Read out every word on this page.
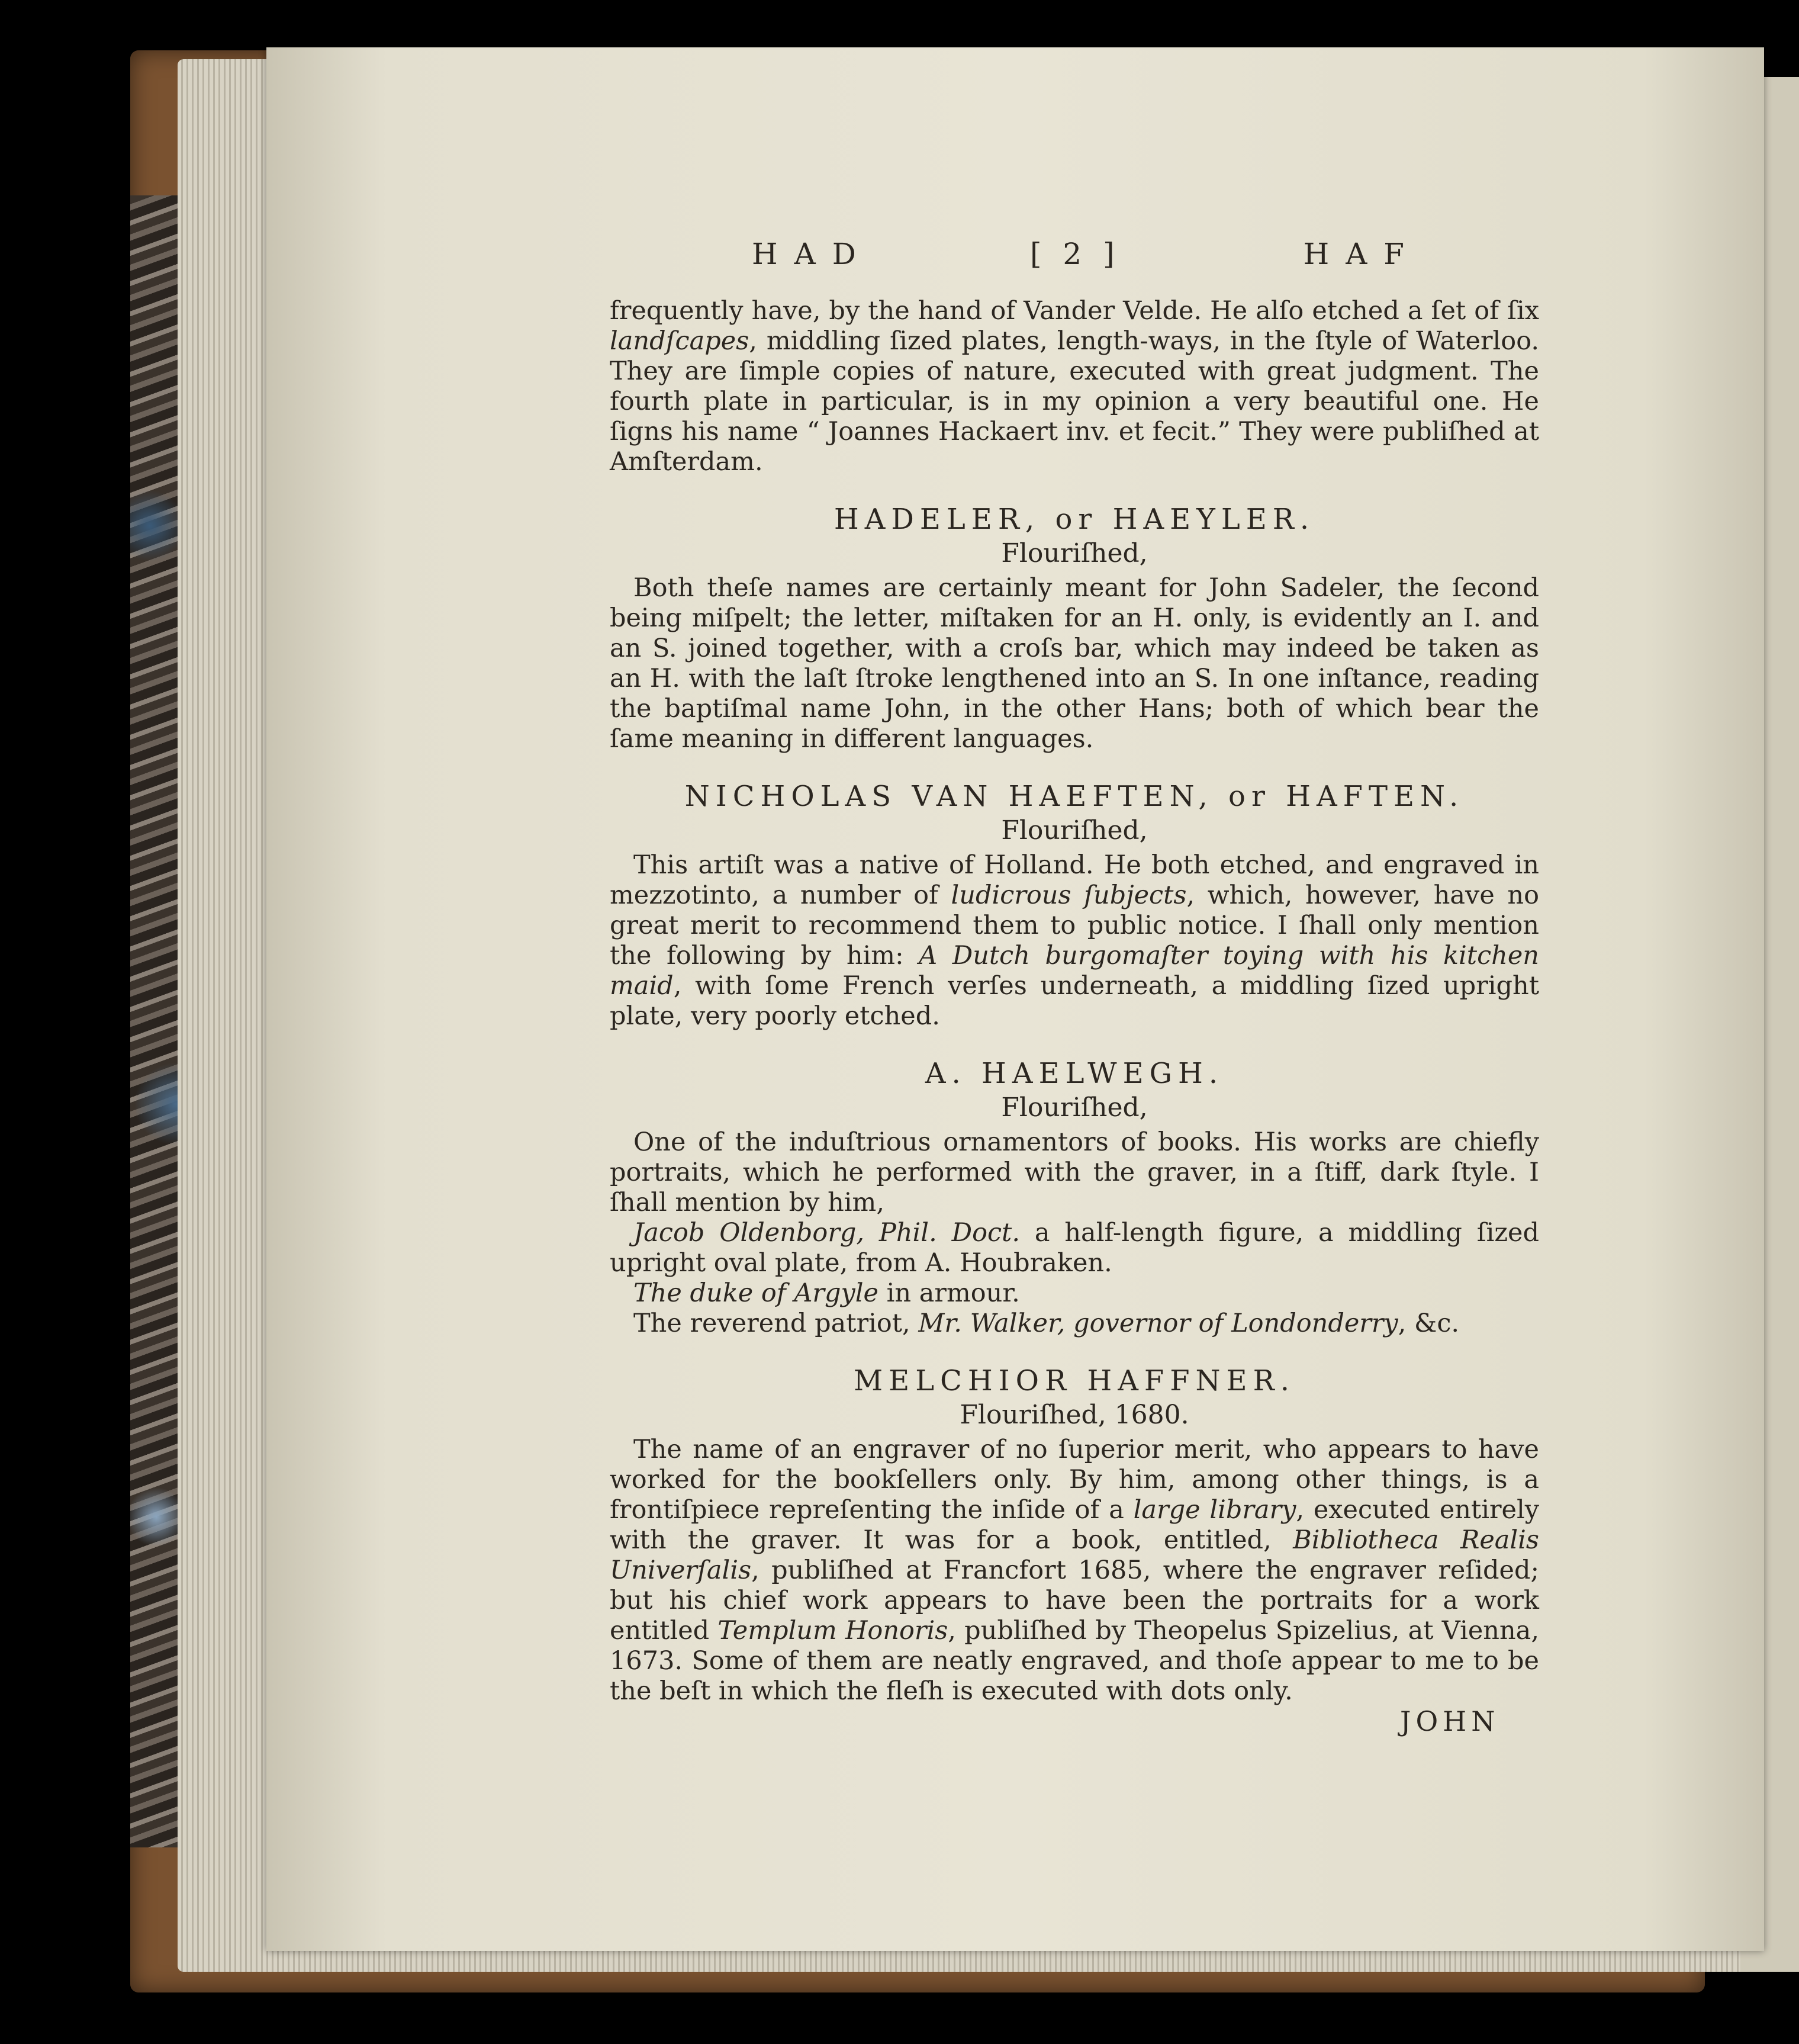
HAD	[ 2 ]	HAF

frequently have, by the hand of Vander Velde. He alſo etched a ſet of ſix landſcapes, middling ſized plates, length-ways, in the ſtyle of Waterloo. They are ſimple copies of nature, executed with great judgment. The fourth plate in particular, is in my opinion a very beautiful one. He ſigns his name “ Joannes Hackaert inv. et fecit.” They were publiſhed at Amſterdam.

HADELER, or HAEYLER.
Flouriſhed,

Both theſe names are certainly meant for John Sadeler, the ſecond being miſpelt; the letter, miſtaken for an H. only, is evidently an I. and an S. joined together, with a croſs bar, which may indeed be taken as an H. with the laſt ſtroke lengthened into an S. In one inſtance, reading the baptiſmal name John, in the other Hans; both of which bear the ſame meaning in different languages.

NICHOLAS VAN HAEFTEN, or HAFTEN.
Flouriſhed,

This artiſt was a native of Holland. He both etched, and engraved in mezzotinto, a number of ludicrous ſubjects, which, however, have no great merit to recommend them to public notice. I ſhall only mention the following by him: A Dutch burgomaſter toying with his kitchen maid, with ſome French verſes underneath, a middling ſized upright plate, very poorly etched.

A. HAELWEGH.
Flouriſhed,

One of the induſtrious ornamentors of books. His works are chiefly portraits, which he performed with the graver, in a ſtiff, dark ſtyle. I ſhall mention by him,

Jacob Oldenborg, Phil. Doct. a half-length figure, a middling ſized upright oval plate, from A. Houbraken.

The duke of Argyle in armour.

The reverend patriot, Mr. Walker, governor of Londonderry, &c.

MELCHIOR HAFFNER.
Flouriſhed, 1680.

The name of an engraver of no ſuperior merit, who appears to have worked for the bookſellers only. By him, among other things, is a frontiſpiece repreſenting the inſide of a large library, executed entirely with the graver. It was for a book, entitled, Bibliotheca Realis Univerſalis, publiſhed at Francfort 1685, where the engraver reſided; but his chief work appears to have been the portraits for a work entitled Templum Honoris, publiſhed by Theopelus Spizelius, at Vienna, 1673. Some of them are neatly engraved, and thoſe appear to me to be the beſt in which the fleſh is executed with dots only.

JOHN
